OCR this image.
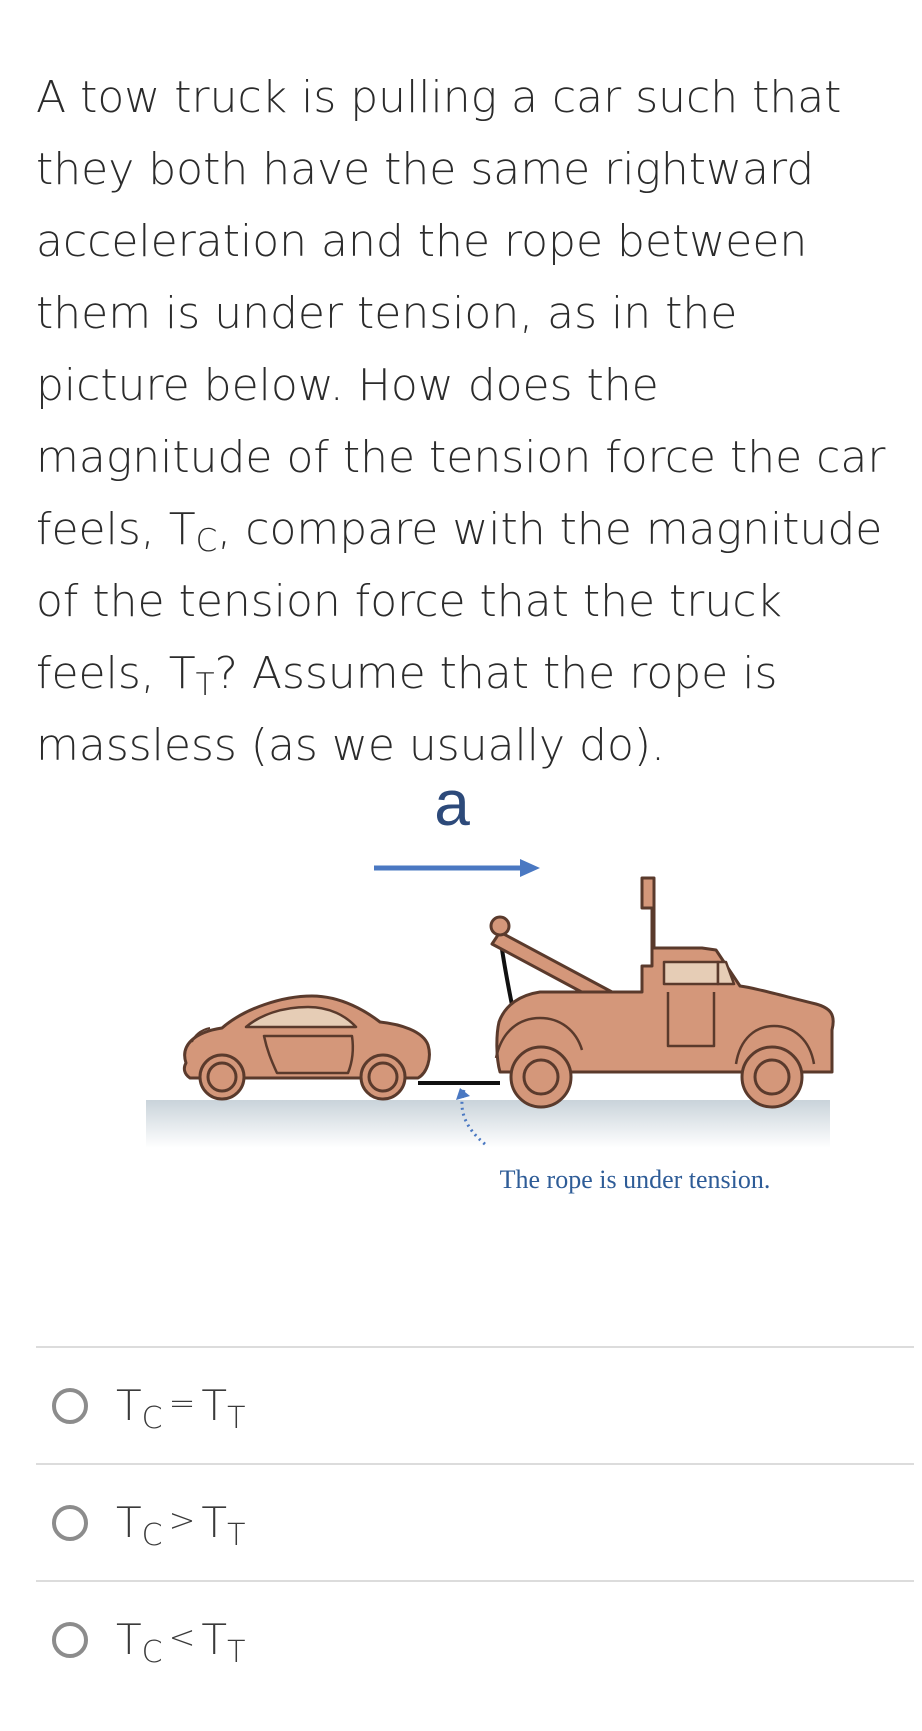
A tow truck is pulling a car such that they both have the same rightward acceleration and the rope between them is under tension, as in the picture below. How does the magnitude of the tension force the car feels, $T_C$, compare with the magnitude of the tension force that the truck feels, $T_T$? Assume that the rope is massless (as we usually do).
a
The rope is under tension.
$T_C = T_T$
$T_C > T_T$
$T_C < T_T$
